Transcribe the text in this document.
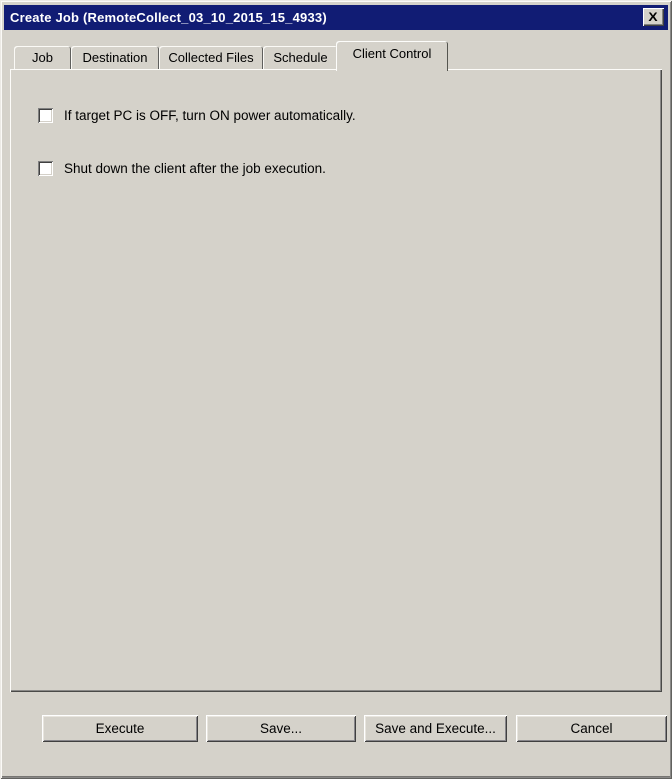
Create Job (RemoteCollect_03_10_2015_15_4933)	X
Job Destination Collected Files Schedule Client Control
If target PC is OFF, turn ON power automatically.
Shut down the client after the job execution.
Execute	Save...	Save and Execute...	Cancel
